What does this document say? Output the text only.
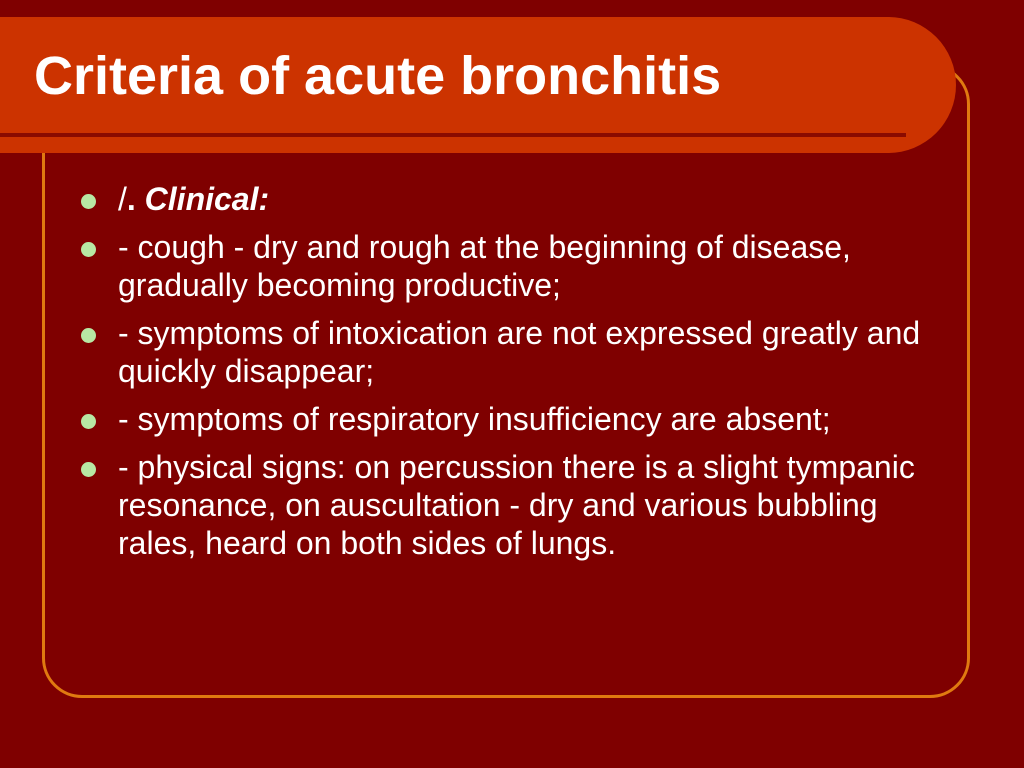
Criteria of acute bronchitis
/. Clinical:
- cough - dry and rough at the beginning of disease, gradually becoming productive;
- symptoms of intoxication are not expressed greatly and quickly disappear;
- symptoms of respiratory insufficiency are absent;
- physical signs: on percussion there is a slight tympanic resonance, on auscultation - dry and various bubbling rales, heard on both sides of lungs.
